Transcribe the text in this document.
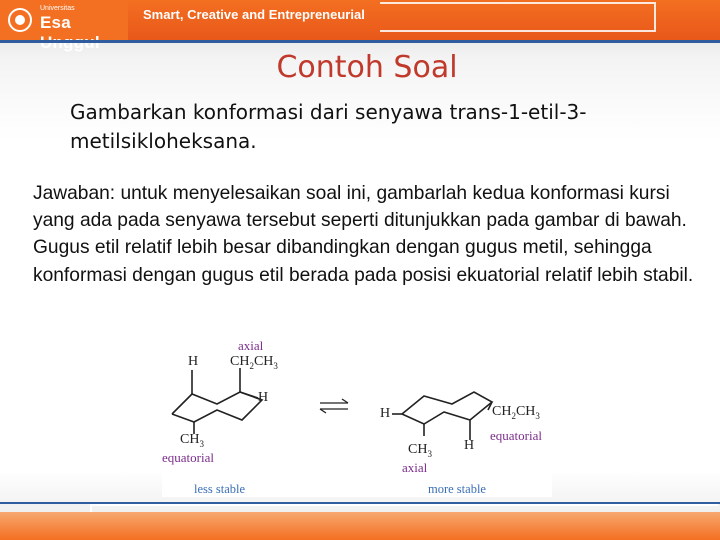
Universitas
Esa	Smart, Creative and Entrepreneurial
Contoh Soal
Gambarkan konformasi dari senyawa trans-1-etil-3-
metilsikloheksana.
Jawaban: untuk menyelesaikan soal ini, gambarlah kedua konformasi kursi yang ada pada senyawa tersebut seperti ditunjukkan pada gambar di bawah. Gugus etil relatif lebih besar dibandingkan dengan gugus metil, sehingga konformasi dengan gugus etil berada pada posisi ekuatorial relatif lebih stabil.
axial
H $CH_2CH_3$
H
$CH_3$
equatorial
less stable
H	$CH_2CH_3$
equatorial
$CH_3$
H
axial
more stable
